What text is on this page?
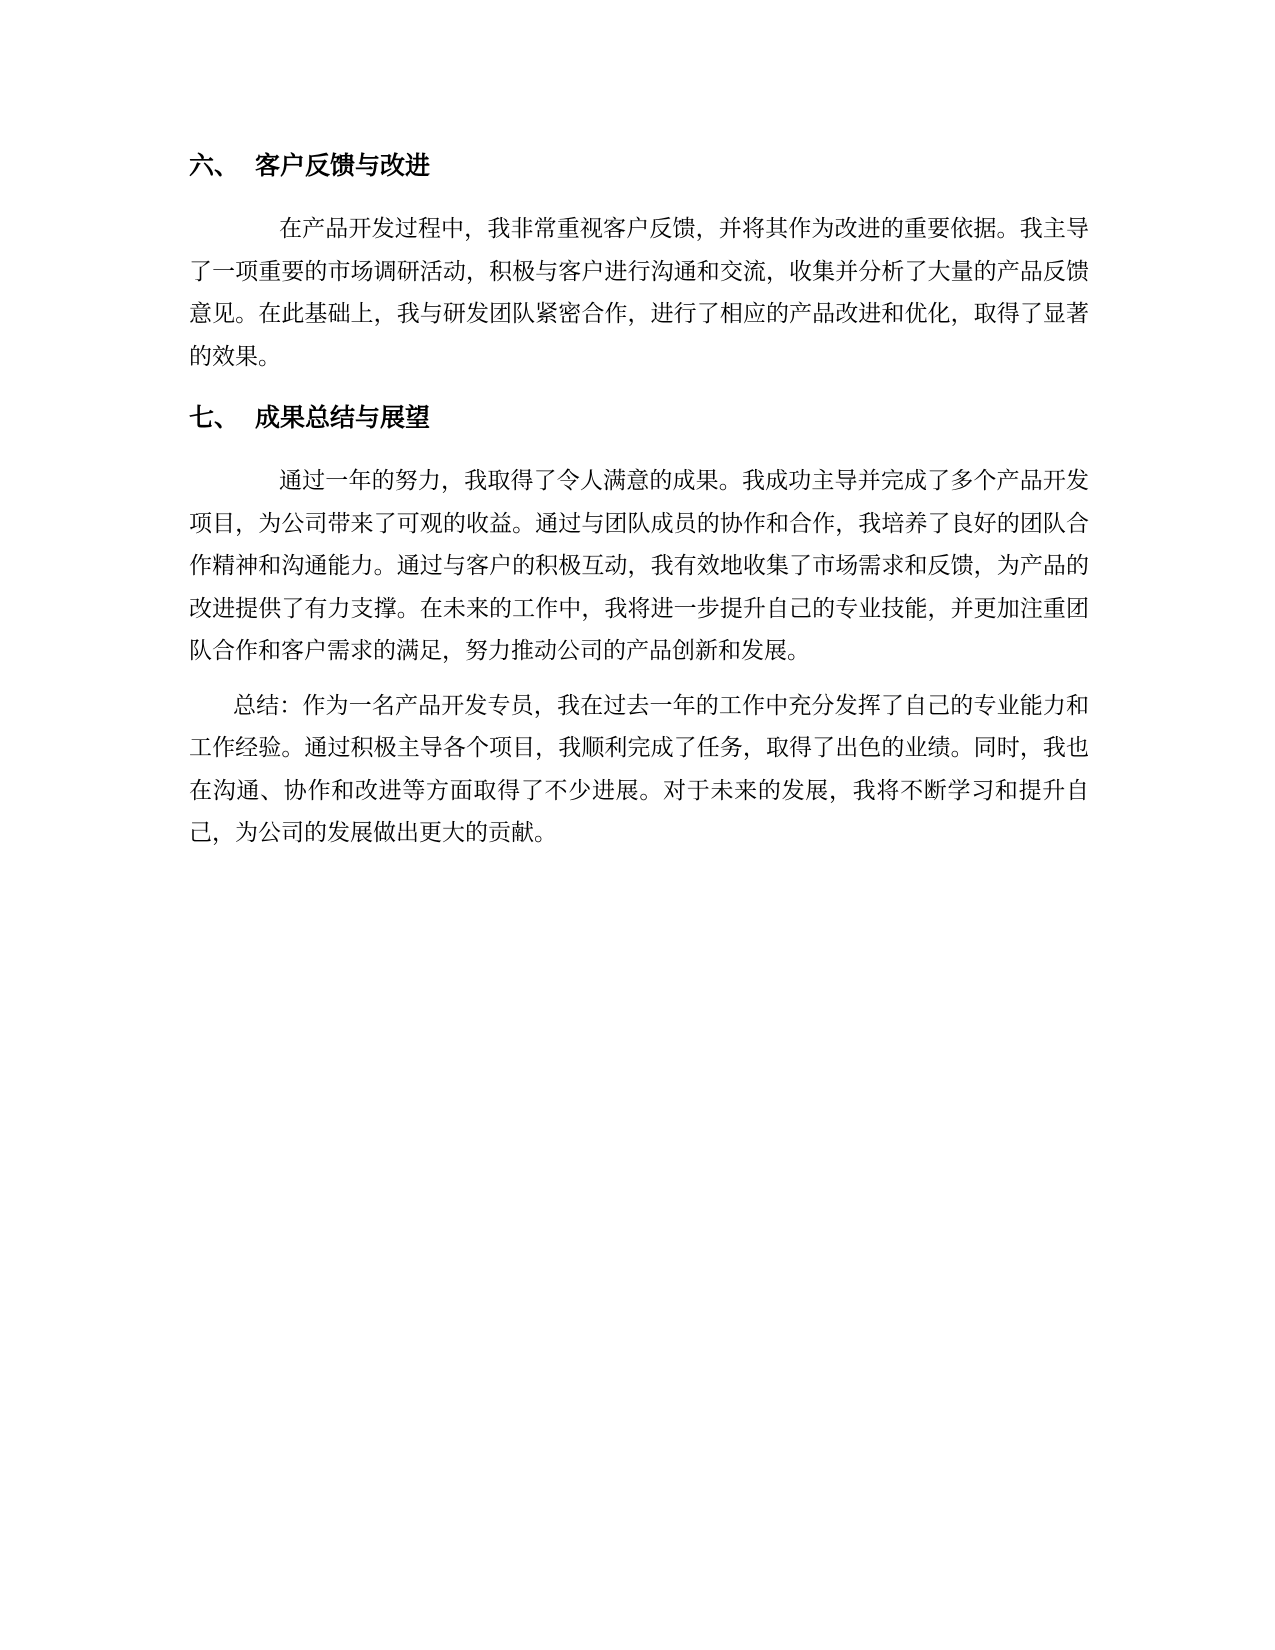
六、 客户反馈与改进

在产品开发过程中，我非常重视客户反馈，并将其作为改进的重要依据。我主导了一项重要的市场调研活动，积极与客户进行沟通和交流，收集并分析了大量的产品反馈意见。在此基础上，我与研发团队紧密合作，进行了相应的产品改进和优化，取得了显著的效果。

七、 成果总结与展望

通过一年的努力，我取得了令人满意的成果。我成功主导并完成了多个产品开发项目，为公司带来了可观的收益。通过与团队成员的协作和合作，我培养了良好的团队合作精神和沟通能力。通过与客户的积极互动，我有效地收集了市场需求和反馈，为产品的改进提供了有力支撑。在未来的工作中，我将进一步提升自己的专业技能，并更加注重团队合作和客户需求的满足，努力推动公司的产品创新和发展。

总结：作为一名产品开发专员，我在过去一年的工作中充分发挥了自己的专业能力和工作经验。通过积极主导各个项目，我顺利完成了任务，取得了出色的业绩。同时，我也在沟通、协作和改进等方面取得了不少进展。对于未来的发展，我将不断学习和提升自己，为公司的发展做出更大的贡献。
